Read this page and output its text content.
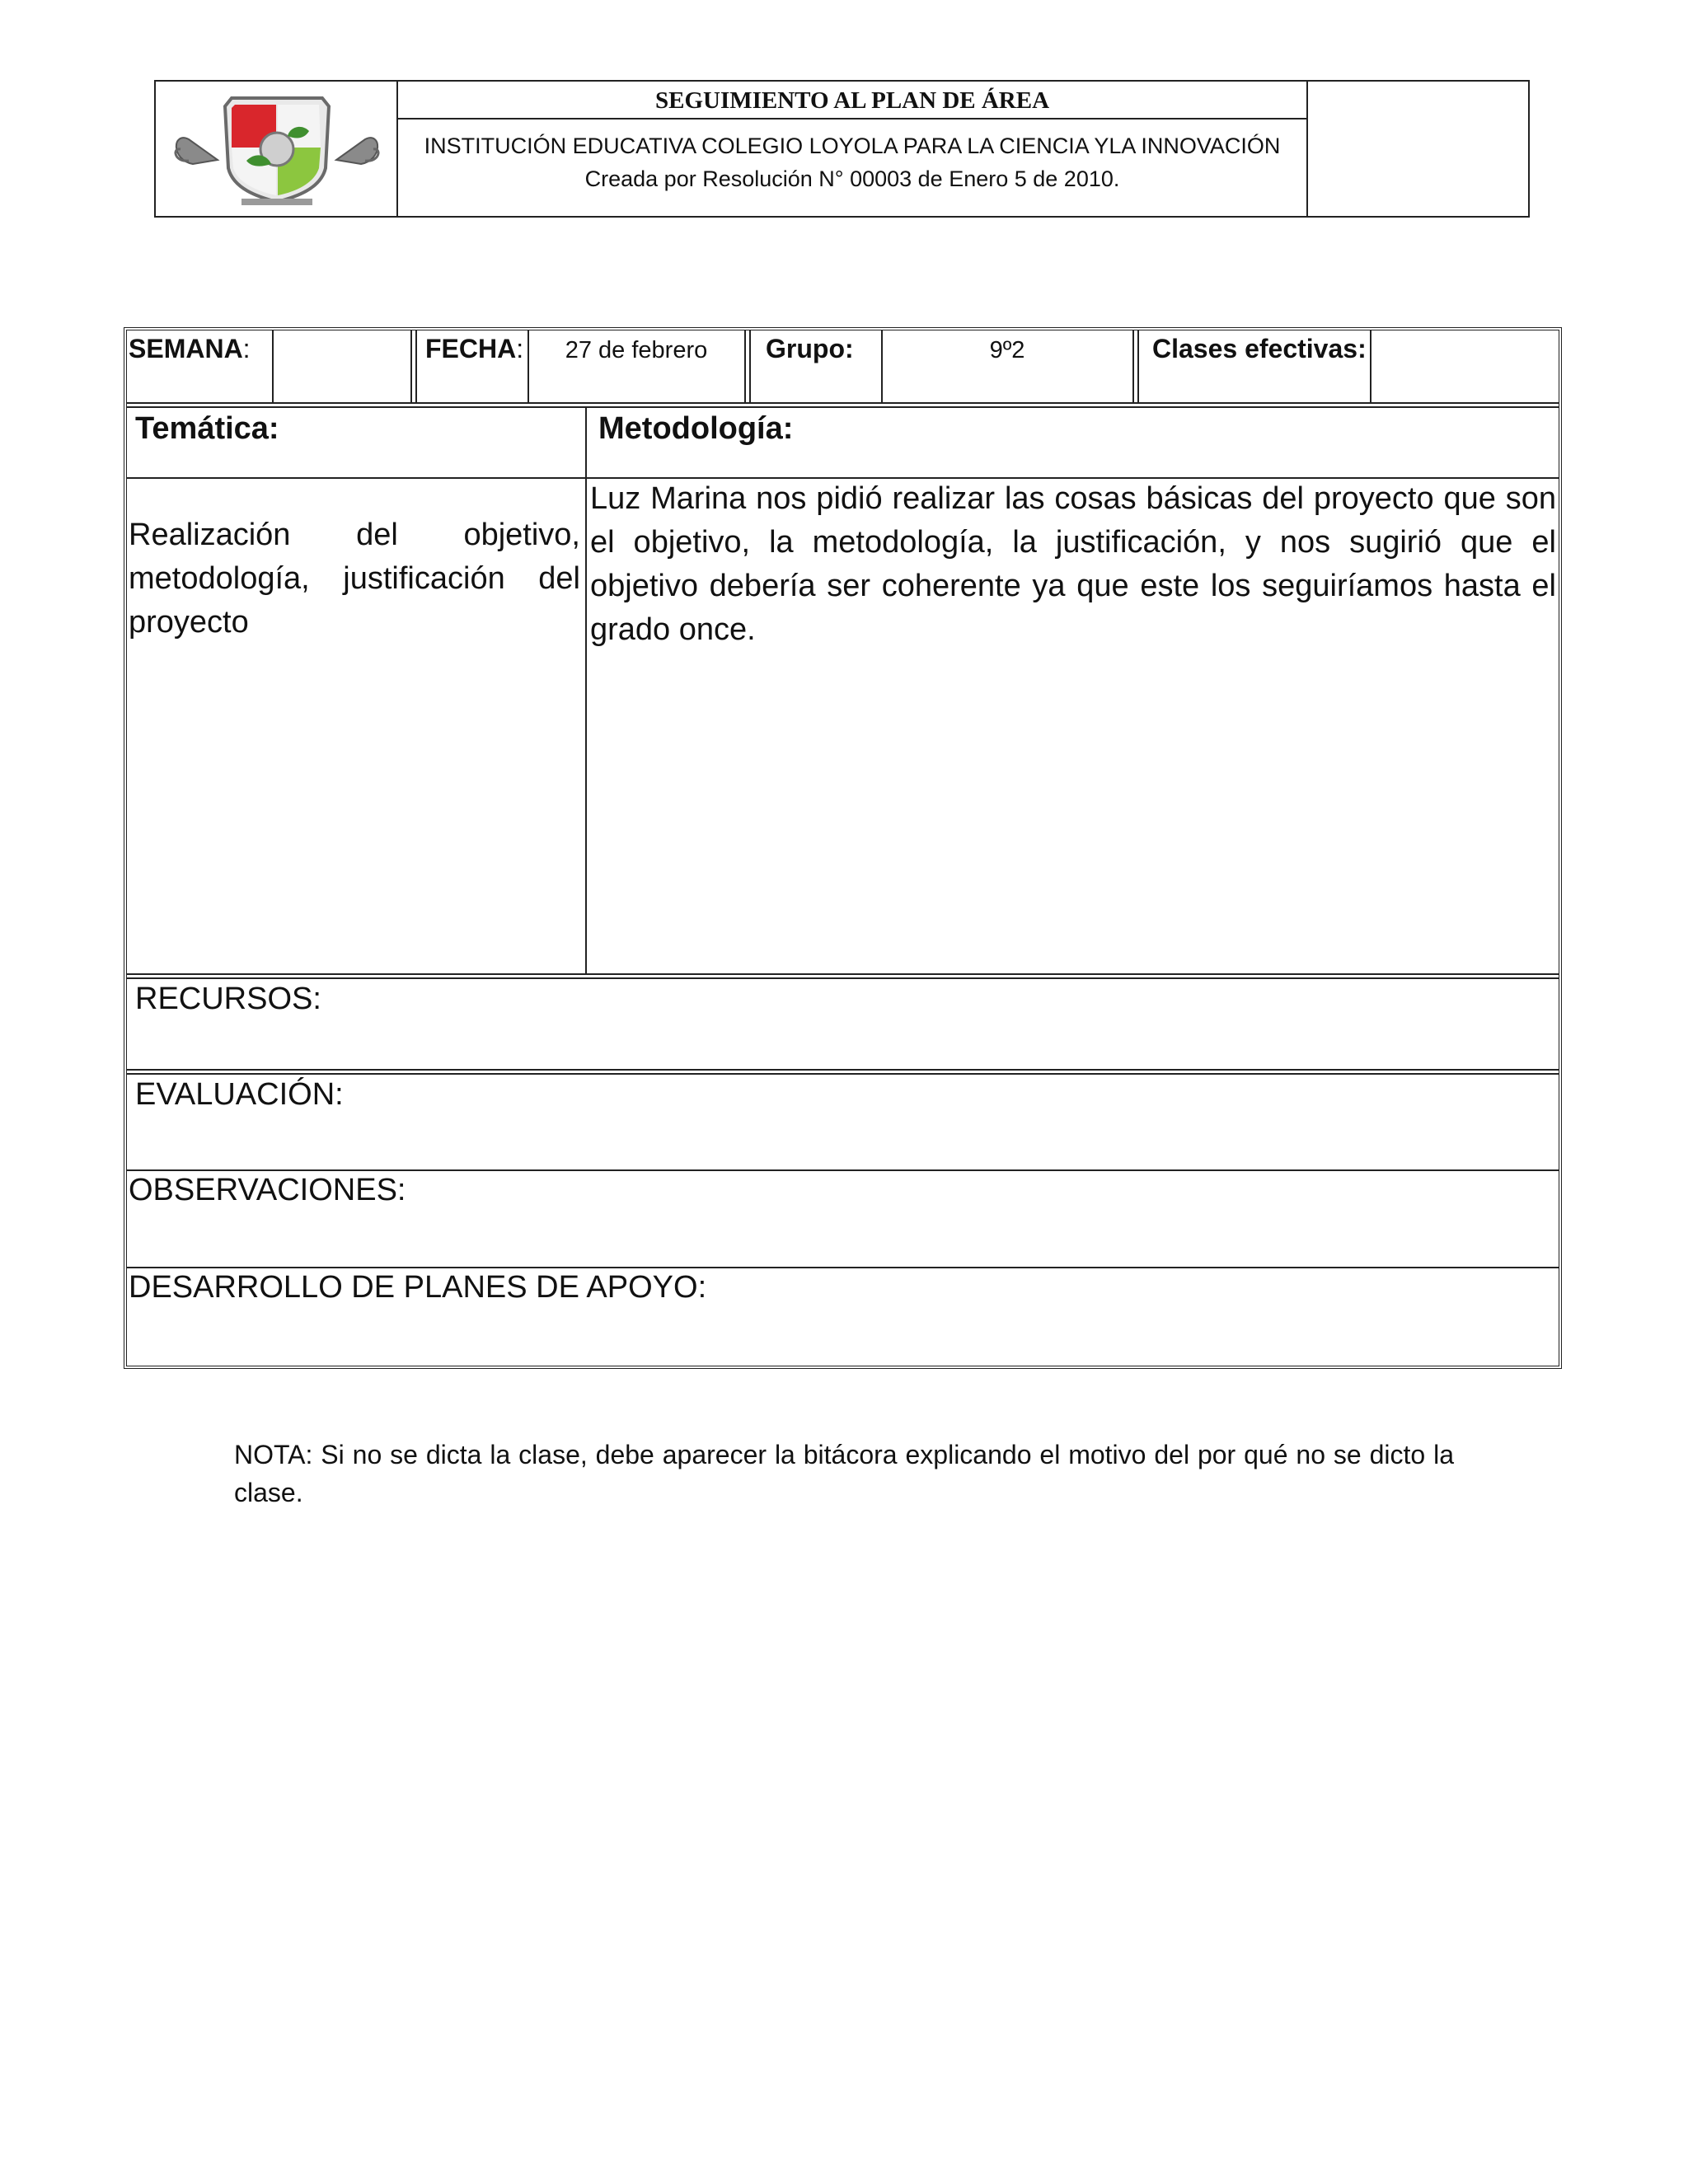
SEGUIMIENTO AL PLAN DE ÁREA
INSTITUCIÓN EDUCATIVA COLEGIO LOYOLA PARA LA CIENCIA YLA INNOVACIÓN
Creada por Resolución N° 00003 de Enero 5 de 2010.
SEMANA:	FECHA:	27 de febrero	Grupo:	9º2	Clases efectivas:
Temática:	Metodología:
Realización del objetivo, metodología, justificación del proyecto
Luz Marina nos pidió realizar las cosas básicas del proyecto que son el objetivo, la metodología, la justificación, y nos sugirió que el objetivo debería ser coherente ya que este los seguiríamos hasta el grado once.
RECURSOS:
EVALUACIÓN:
OBSERVACIONES:
DESARROLLO DE PLANES DE APOYO:
NOTA: Si no se dicta la clase, debe aparecer la bitácora explicando el motivo del por qué no se dicto la clase.
